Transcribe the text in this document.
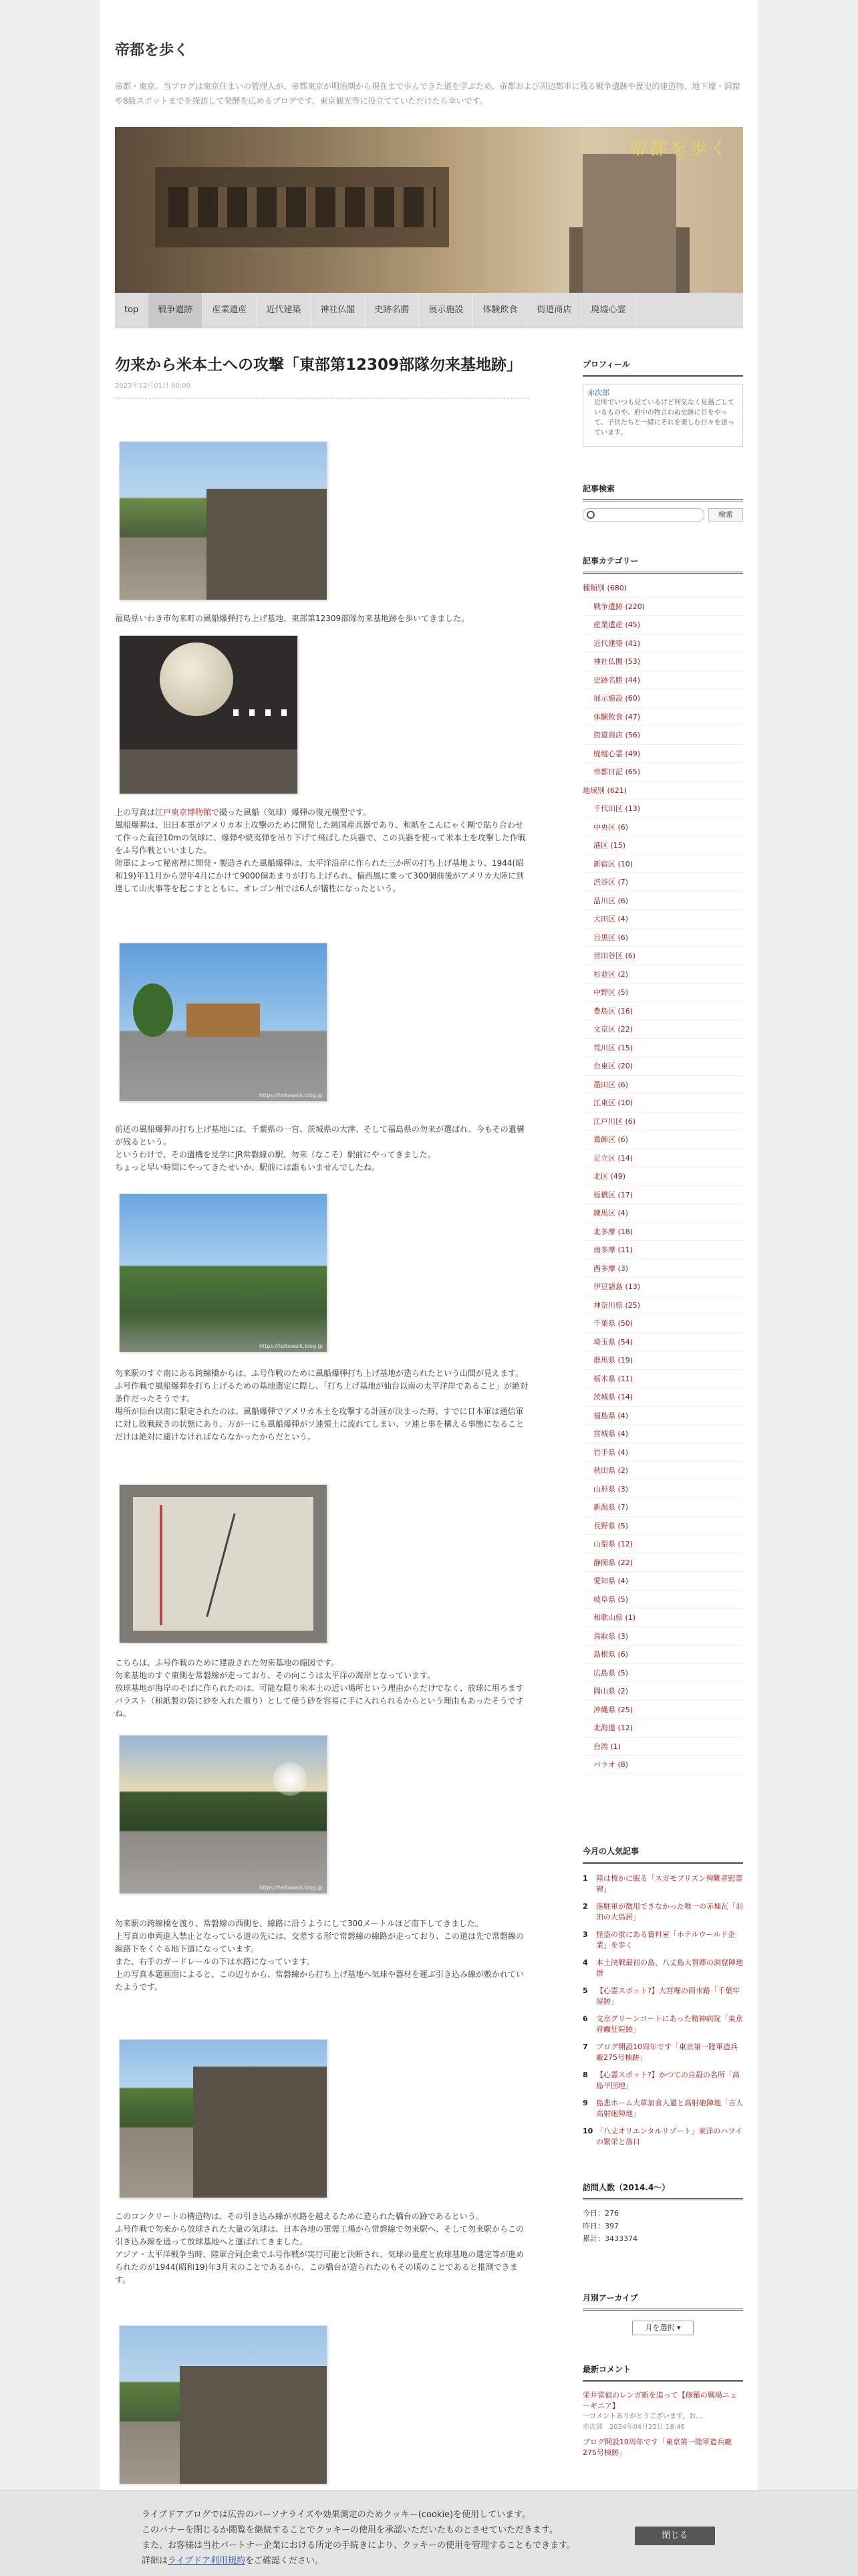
帝都を歩く
帝都・東京。当ブログは東京住まいの管理人が、帝都東京が明治期から現在まで歩んできた道を学ぶため、帝都および周辺都市に残る戦争遺跡や歴史的建造物、地下壕・洞窟や8級スポットまでを探訪して発酵を広めるブログです。東京観光等に役立てていただけたら幸いです。
帝都を歩く
top	戦争遺跡	産業遺産	近代建築	神社仏閣	史跡名勝	展示施設	体験飲食	街道商店	廃墟心霊
勿来から米本土への攻撃「東部第12309部隊勿来基地跡」
2023年12月01日 00:00
福島県いわき市勿来町の風船爆弾打ち上げ基地、東部第12309部隊勿来基地跡を歩いてきました。
上の写真は江戸東京博物館で撮った風船（気球）爆弾の復元模型です。
風船爆弾は、旧日本軍がアメリカ本土攻撃のために開発した純国産兵器であり、和紙をこんにゃく糊で貼り合わせて作った直径10mの気球に、爆弾や焼夷弾を吊り下げて飛ばした兵器で、この兵器を使って米本土を攻撃した作戦をふ号作戦といいました。
陸軍によって秘密裡に開発・製造された風船爆弾は、太平洋沿岸に作られた三か所の打ち上げ基地より、1944(昭和19)年11月から翌年4月にかけて9000個あまりが打ち上げられ、偏西風に乗って300個前後がアメリカ大陸に到達して山火事等を起こすとともに、オレゴン州では6人が犠牲になったという。
https://teitowalk.blog.jp
前述の風船爆弾の打ち上げ基地には、千葉県の一宮、茨城県の大津、そして福島県の勿来が選ばれ、今もその遺構が残るという。
というわけで、その遺構を見学にJR常磐線の駅、勿来（なこそ）駅前にやってきました。
ちょっと早い時間にやってきたせいか、駅前には誰もいませんでしたね。
https://teitowalk.blog.jp
勿来駅のすぐ南にある跨線橋からは、ふ号作戦のために風船爆弾打ち上げ基地が造られたという山間が見えます。
ふ号作戦で風船爆弾を打ち上げるための基地選定に際し、「打ち上げ基地が仙台以南の太平洋岸であること」が絶対条件だったそうです。
場所が仙台以南に限定されたのは、風船爆弾でアメリカ本土を攻撃する計画が決まった時、すでに日本軍は通信軍に対し敗戦続きの状態にあり、万が一にも風船爆弾がソ連領土に流れてしまい、ソ連と事を構える事態になることだけは絶対に避けなければならなかったからだという。
こちらは、ふ号作戦のために建設された勿来基地の縮図です。
勿来基地のすぐ東側を常磐線が走っており、その向こうは太平洋の海岸となっています。
放球基地が海岸のそばに作られたのは、可能な限り米本土の近い場所という理由からだけでなく、放球に用ろますバラスト（和紙製の袋に砂を入れた重り）として使う砂を容易に手に入れられるからという理由もあったそうですね。
https://teitowalk.blog.jp
勿来駅の跨線橋を渡り、常磐線の西側を、線路に沿うようにして300メートルほど南下してきました。
上写真の車両進入禁止となっている道の先には、交差する形で常磐線の線路が走っており、この道は先で常磐線の線路下をくぐる地下道になっています。
また、右手のガードレールの下は水路になっています。
上の写真本題画面によると、この辺りから、常磐線から打ち上げ基地へ気球や器材を運ぶ引き込み線が敷かれていたようです。
このコンクリートの構造物は、その引き込み線が水路を越えるために造られた橋台の跡であるという。
ふ号作戦で勿来から放球された大量の気球は、日本各地の軍需工場から常磐線で勿来駅へ、そして勿来駅からこの引き込み線を通って放球基地へと運ばれてきました。
アジア・太平洋戦争当時、陸軍合同企業でふ号作戦が実行可能と決断され、気球の量産と放球基地の選定等が進められたのが1944(昭和19)年3月末のことであるから、この橋台が造られたのもその頃のことであると推測できます。
プロフィール
赤次郎
近所でいつも見ているけど何気なく見過ごしているものや、府中の物言わぬ史跡に目をやって、子供たちと一緒にそれを楽しむ日々を送っています。
記事検索
検索
記事カテゴリー
種類別 (680)
戦争遺跡 (220)
産業遺産 (45)
近代建築 (41)
神社仏閣 (53)
史跡名勝 (44)
展示施設 (60)
体験飲食 (47)
街道商店 (56)
廃墟心霊 (49)
帝都日記 (65)
地域別 (621)
千代田区 (13)
中央区 (6)
港区 (15)
新宿区 (10)
渋谷区 (7)
品川区 (6)
大田区 (4)
目黒区 (6)
世田谷区 (6)
杉並区 (2)
中野区 (5)
豊島区 (16)
文京区 (22)
荒川区 (15)
台東区 (20)
墨田区 (6)
江東区 (10)
江戸川区 (6)
葛飾区 (6)
足立区 (14)
北区 (49)
板橋区 (17)
練馬区 (4)
北多摩 (18)
南多摩 (11)
西多摩 (3)
伊豆諸島 (13)
神奈川県 (25)
千葉県 (50)
埼玉県 (54)
群馬県 (19)
栃木県 (11)
茨城県 (14)
福島県 (4)
宮城県 (4)
岩手県 (4)
秋田県 (2)
山形県 (3)
新潟県 (7)
長野県 (5)
山梨県 (12)
静岡県 (22)
愛知県 (4)
岐阜県 (5)
和歌山県 (1)
鳥取県 (3)
島根県 (6)
広島県 (5)
岡山県 (2)
沖縄県 (25)
北海道 (12)
台湾 (1)
パラオ (8)
今月の人気記事
1	陸は桜かに眠る「スガモプリズン殉難者慰霊碑」
2	進駐軍が徴用できなかった唯一の赤煉瓦「羽田の大鳥居」
3	怪盗の蛍にある資料室「ホテルウールド企業」を歩く
4	本土決戦最初の島、八丈島大賀郷の洞窟陣地群
5	【心霊スポット?】大宮堀の雨水路「千葉牢屋跡」
6	文京グリーンコートにあった精神病院「東京府癲狂院跡」
7	ブログ開設10周年です「東京第一陸軍造兵廠275号棟跡」
8	【心霊スポット?】かつての自殺の名所「高島平団地」
9	島悲ホーム大草加食入道と高射砲陣地「吉人高射砲陣地」
10 「八丈オリエンタルリゾート」東洋のハワイの繁栄と落日
訪問人数（2014.4～）
今日：276
昨日：397
累計：3433374
月別アーカイブ
月を選択 ▾
最新コメント
栄井雷偵のレンガ新を追って【修羅の戦場ニューギニア】
一コメントありがとうございます。お…
赤次郎　2024年04月25日 18:46
ブログ開設10周年です「東京第一陸軍造兵廠275号棟跡」
ライブドアブログでは広告のパーソナライズや効果測定のためクッキー(cookie)を使用しています。
このバナーを閉じるか閲覧を継続することでクッキーの使用を承認いただいたものとさせていただきます。
また、お客様は当社パートナー企業における所定の手続きにより、クッキーの使用を管理することもできます。
詳細はライブドア利用規約をご確認ください。
閉じる
